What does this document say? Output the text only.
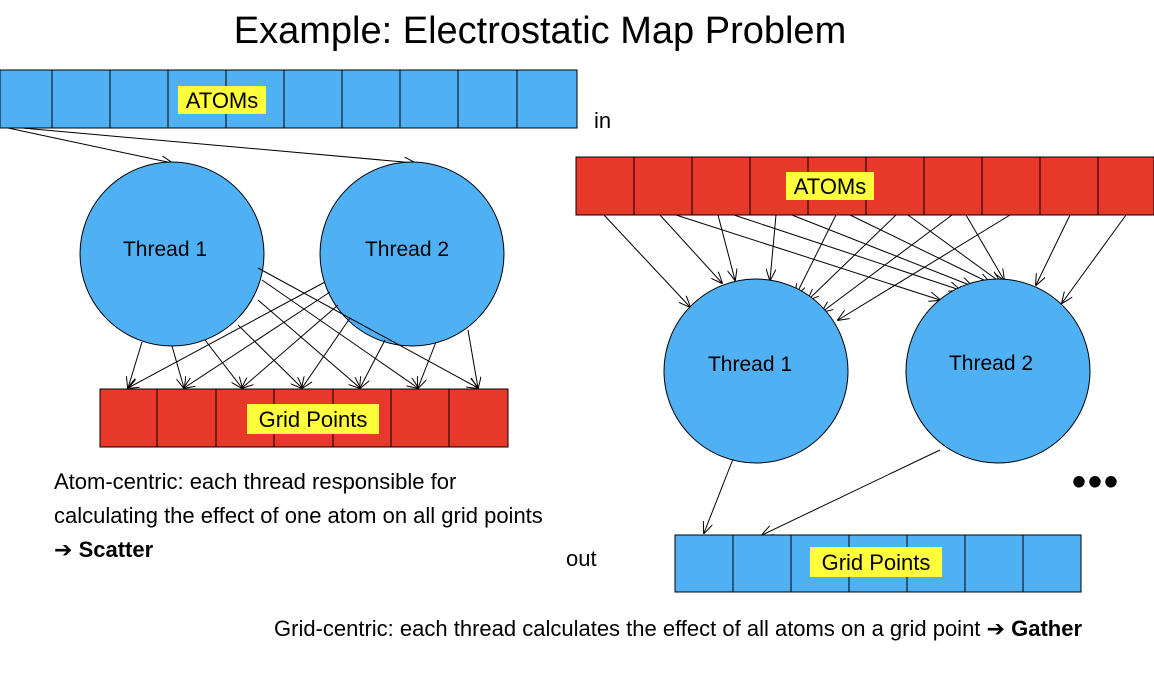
Example: Electrostatic Map Problem
ATOMs
Thread 1	Thread 2
Grid Points
ATOMs
Thread 1	Thread 2
Grid Points
in
out
•••
Atom-centric: each thread responsible for calculating the effect of one atom on all grid points ➔ Scatter
Grid-centric: each thread calculates the effect of all atoms on a grid point ➔ Gather
